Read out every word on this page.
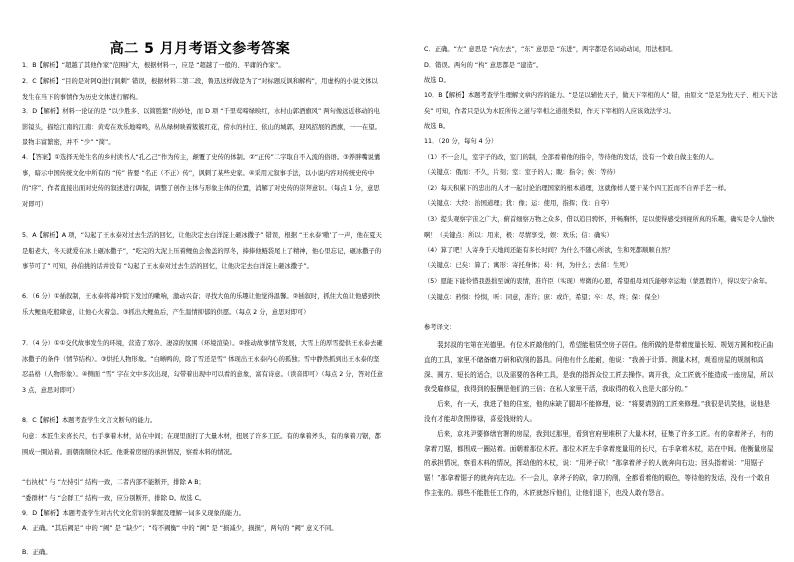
高二 5 月月考语文参考答案

1．B【解析】“超越了其他作家”范围扩大，根据材料一，应是 “超越了一般的、平庸的作家”。

2．C【解析】“目的是对阿Q进行讽刺” 错误，根据材料二第二段，鲁迅这样做是为了“对标题反讽和解构”，用虚构的小说文体以发生在当下的事情作为历史文体进行解构。

3．D【解析】材料一论证的是 “以少胜多、以简胜繁”的妙处，而 D 项 “千里莺啼绿映红，水村山郭酒旗风” 两句像远近移动的电影镜头，描绘江南的江南：黄莺在欢乐地啼鸣，丛丛绿树映着簇簇红花，傍水的村庄、依山的城郭，迎风招展的酒旗，一一在望。景物丰富繁密，并不 “少” “简”。

4．【答案】①选择无处生名的乡村读书人“孔乙己”作为传主，颠覆了史传的体制。②“正传”二字取自不入流的俗语。③养胖嘴说囊事，暗示中国传统文化中所有的 “传” 皆要 “名正（不正）传”，讽刺了某些史家。④采用元叙事手法，以小说内容对传统史传中的“序”、作者直接出面对史传的叙述进行调侃，调整了创作主体与形象主体的位置，消解了对史传的崇拜意识。（每点 1 分，意思对即可）

5．A【解析】A 项，“勾起了王永泰对过去生活的回忆，让他决定去白洋淀上砸冰撒子” 错误，根据 “王永泰‘嗷’了一声，他在夏天是船老大，冬天就爱在冰上砸冰撒子”，“吃完的大泥上压着鲤鱼会像盖的厚冬，捧捧他鲢袋尾上了精神，他心里忘记，砸冰撒子的事节可了” 可知，孙伯挑的话并没有 “勾起了王永泰对过去生活的回忆，让他决定去白洋淀上砸冰撒子”。

6．（6 分）①插叙制，王永泰将幕冲院下发过的嗽响，激动兴奋；寻找大鱼的乐趣让他觉得温馨。②插叙时，抓住大鱼让他感到快乐大鲤鱼吃般肆意，让他心火着急。③抓出大鲤鱼后，产生温情抑郁的供愿。（每点 2 分，意思对即可）

7．（4 分）①①交代故事发生的环境，营造了寒冷、凄凉的氛围（环境渲染）。②推动故事情节发展，大雪上的厚雪提供王永泰去砸冰撒子的条件（情节结构）。③烘托人物形象。“白晰鸭的，除了雪还是雪” 体现出王永泰内心的孤独；雪中静然抓到出王永泰的坚忍品格（人物形象）。④侧面 “雪” 字在文中多次出现，勾带着出现中可以看的意象，富有诗意。（读音即可）（每点 2 分，答对任意 3 点，意思对即可）

8．C【解析】本题考查学生文言文断句的能力。

句意：本匠生来喜长尺，右手拿着木材，站在中间；在现里面打了大量木材，扭展了许多工匠。有的拿着斧头，有的拿着刀锯，都围成一圈站着。面朝南顺位木匠。他秉着房屋的承担情况，察看木料的情况。

“右执杖” 与 “左持引” 结构一致，二者内部不能断开，排除 A B；

“委群材” 与 “会群工” 结构一致，应分别断开，排除 D。故选 C。

9．D【解析】本题考查学生对古代文化常识的掌握及理解一词多义现象的能力。

A．正确。“其后阙足” 中的 “阙” 是 “缺少”；“苟不阙衡” 中的 “阙” 是 “损减少，损损”，两句的 “阙” 意义不同。

B．正确。

C．正确。“左” 意思是 “向左去”，“东” 意思是 “东进”，两字都是名词动动词，用法相同。

D．错误。两句的 “构” 意思都是 “建造”。

故选 D。

10．B【解析】本题考查学生理解文章内容的能力。“是足以辅佐天子，做天下宰相的人” 错，由原文 “是足为佐天子、相天下法矣” 可知，作者只是认为木匠所传之道与宰相之道很类似，作天下宰相的人应该效法学习。

故选 B。

11．（20 分，每句 4 分）

（1）不一会儿，室宇子的改，室门的制，全部看着他的指令，等待他的发话，没有一个敢自做主张的人。

（关键点：俄而：不久，片刻；室：室子的人；睨：指令；俟：等待）

（2）每天积累下的忠出的人才一起讨论治理国家的根本道理，这就像样人要干某个四工匠而不自弄手艺一样。

（关键点：大经：治国道理；犹：像；运：使用，指挥；伐：自夸）

（3）提头观察宇宙之广大，俯首细察万物之众多，借以追目骋怀，开畅胸怀，足以使得感受到视所真的乐趣，确实是令人愉快啊！（关键点：所以：用来，极：尽情享受，娱：欢乐；信：确实）

（4）算了吧！人寄身于天地间还能有多长时间？为什么不随心所欲，生和死都顺顺自然？

（关键点：已矣：算了；寓形：寄托身体；曷：何，为什么；去留：生死）

（5）愿能下能怜惜我愚拙至诚的衷情，准许臣（实现）卑微的心愿，希望祖母刘氏能够幸运地（蒙恩假许），得以安宁余年。（关键点：矜悯：怜悯，听：同意，准许；庶：或许，希望；卒：尽，终；保：保全）

参考译文：

裴封叔的宅第在光德里。有位木匠敲他的门，希望能租赁空房子居住。他所做的是带着度量长短、规划方圆和校正曲直的工具，家里不储备磨刀研和砍削的器具。问他有什么能耐，他说：“我善于计算、测量木材，观看房屋的规制和高深、圆方、短长的适合，以及需要的各种工具，是我的指挥众位工匠去操作。离开我，众工匠就不能造成一座房屋，所以我受雇修屋，我得到的报酬是他们的三倍；在私人家里干活，我取得的收入也是大部分的。”

后来，有一天，我进了他的住室，他的床缺了腿却不能修理，说：“将要请别的工匠来修理。”我很是讥笑他，说他是没有才能却贪图俸禄，喜爱钱财的人。

后来，京兆尹要修缮官署的房屋，我到过那里，看到官府里堆积了大量木材，征集了许多工匠。有的拿着斧子，有的拿着刀锯，都围成一圈站着。面朝着那位木匠。那位木匠左手拿着度量用的长尺，右手拿着木杖，站在中间。他衡量房屋的承担情况，察看木料的情况，挥动他的木杖，说：“用斧子砍！”那拿着斧子的人就奔向右边；回头指着说：“用锯子锯！”那拿着锯子的就奔向左边。不一会儿，拿斧子的砍，拿刀的削，全都看着他的眼色，等待他的发话，没有一个敢自作主张的。那些不能胜任工作的，木匠就怒斥他们，让他们退下，也没人敢有怨言。
